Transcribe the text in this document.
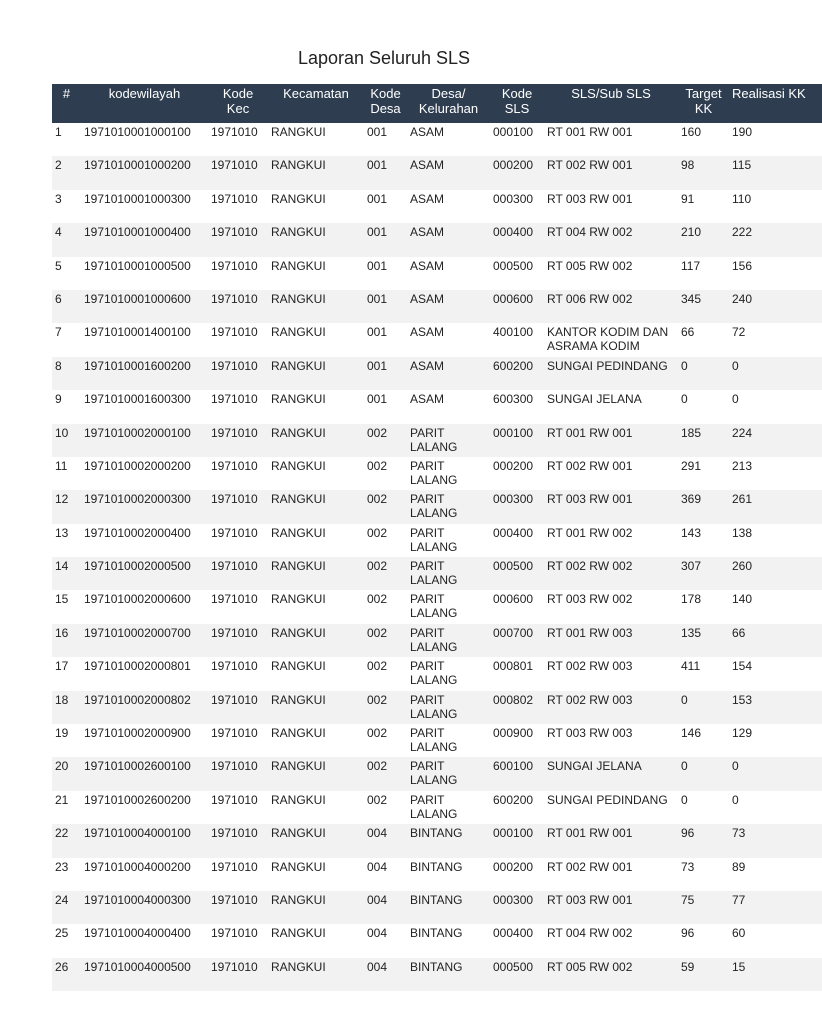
Laporan Seluruh SLS
#	kodewilayah	Kode Kec	Kecamatan	Kode Desa	Desa/ Kelurahan	Kode SLS	SLS/Sub SLS	Target KK	Realisasi KK
1	1971010001000100	1971010	RANGKUI	001	ASAM	000100	RT 001 RW 001	160	190
2	1971010001000200	1971010	RANGKUI	001	ASAM	000200	RT 002 RW 001	98	115
3	1971010001000300	1971010	RANGKUI	001	ASAM	000300	RT 003 RW 001	91	110
4	1971010001000400	1971010	RANGKUI	001	ASAM	000400	RT 004 RW 002	210	222
5	1971010001000500	1971010	RANGKUI	001	ASAM	000500	RT 005 RW 002	117	156
6	1971010001000600	1971010	RANGKUI	001	ASAM	000600	RT 006 RW 002	345	240
7	1971010001400100	1971010	RANGKUI	001	ASAM	400100	KANTOR KODIM DAN ASRAMA KODIM	66	72
8	1971010001600200	1971010	RANGKUI	001	ASAM	600200	SUNGAI PEDINDANG	0	0
9	1971010001600300	1971010	RANGKUI	001	ASAM	600300	SUNGAI JELANA	0	0
10	1971010002000100	1971010	RANGKUI	002	PARIT LALANG	000100	RT 001 RW 001	185	224
11	1971010002000200	1971010	RANGKUI	002	PARIT LALANG	000200	RT 002 RW 001	291	213
12	1971010002000300	1971010	RANGKUI	002	PARIT LALANG	000300	RT 003 RW 001	369	261
13	1971010002000400	1971010	RANGKUI	002	PARIT LALANG	000400	RT 001 RW 002	143	138
14	1971010002000500	1971010	RANGKUI	002	PARIT LALANG	000500	RT 002 RW 002	307	260
15	1971010002000600	1971010	RANGKUI	002	PARIT LALANG	000600	RT 003 RW 002	178	140
16	1971010002000700	1971010	RANGKUI	002	PARIT LALANG	000700	RT 001 RW 003	135	66
17	1971010002000801	1971010	RANGKUI	002	PARIT LALANG	000801	RT 002 RW 003	411	154
18	1971010002000802	1971010	RANGKUI	002	PARIT LALANG	000802	RT 002 RW 003	0	153
19	1971010002000900	1971010	RANGKUI	002	PARIT LALANG	000900	RT 003 RW 003	146	129
20	1971010002600100	1971010	RANGKUI	002	PARIT LALANG	600100	SUNGAI JELANA	0	0
21	1971010002600200	1971010	RANGKUI	002	PARIT LALANG	600200	SUNGAI PEDINDANG	0	0
22	1971010004000100	1971010	RANGKUI	004	BINTANG	000100	RT 001 RW 001	96	73
23	1971010004000200	1971010	RANGKUI	004	BINTANG	000200	RT 002 RW 001	73	89
24	1971010004000300	1971010	RANGKUI	004	BINTANG	000300	RT 003 RW 001	75	77
25	1971010004000400	1971010	RANGKUI	004	BINTANG	000400	RT 004 RW 002	96	60
26	1971010004000500	1971010	RANGKUI	004	BINTANG	000500	RT 005 RW 002	59	15
